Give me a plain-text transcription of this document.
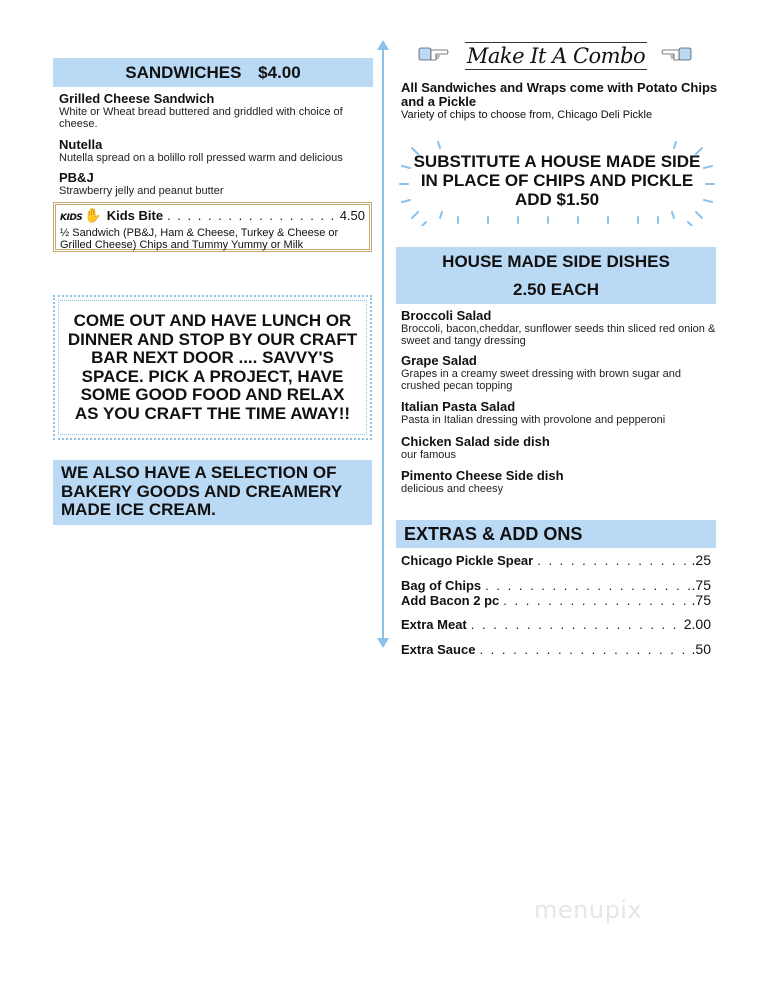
SANDWICHES $4.00
Grilled Cheese Sandwich
White or Wheat bread buttered and griddled with choice of cheese.
Nutella
Nutella spread on a bolillo roll pressed warm and delicious
PB&J
Strawberry jelly and peanut butter
KIDS ✋ Kids Bite . . .	4.50
½ Sandwich (PB&J, Ham & Cheese, Turkey & Cheese or Grilled Cheese) Chips and Tummy Yummy or Milk
COME OUT AND HAVE LUNCH OR DINNER AND STOP BY OUR CRAFT BAR NEXT DOOR .... SAVVY'S SPACE. PICK A PROJECT, HAVE SOME GOOD FOOD AND RELAX AS YOU CRAFT THE TIME AWAY!!
WE ALSO HAVE A SELECTION OF BAKERY GOODS AND CREAMERY MADE ICE CREAM.
Make It A Combo
All Sandwiches and Wraps come with Potato Chips and a Pickle
Variety of chips to choose from, Chicago Deli Pickle
SUBSTITUTE A HOUSE MADE SIDE IN PLACE OF CHIPS AND PICKLE ADD $1.50
HOUSE MADE SIDE DISHES
2.50 EACH
Broccoli Salad
Broccoli, bacon,cheddar, sunflower seeds thin sliced red onion & sweet and tangy dressing
Grape Salad
Grapes in a creamy sweet dressing with brown sugar and crushed pecan topping
Italian Pasta Salad
Pasta in Italian dressing with provolone and pepperoni
Chicken Salad side dish
our famous
Pimento Cheese Side dish
delicious and cheesy
EXTRAS & ADD ONS
Chicago Pickle Spear . . .	.25
Bag of Chips . . .	.75
Add Bacon 2 pc . . .	.75
Extra Meat . . .	2.00
Extra Sauce . . .	.50
menupix
